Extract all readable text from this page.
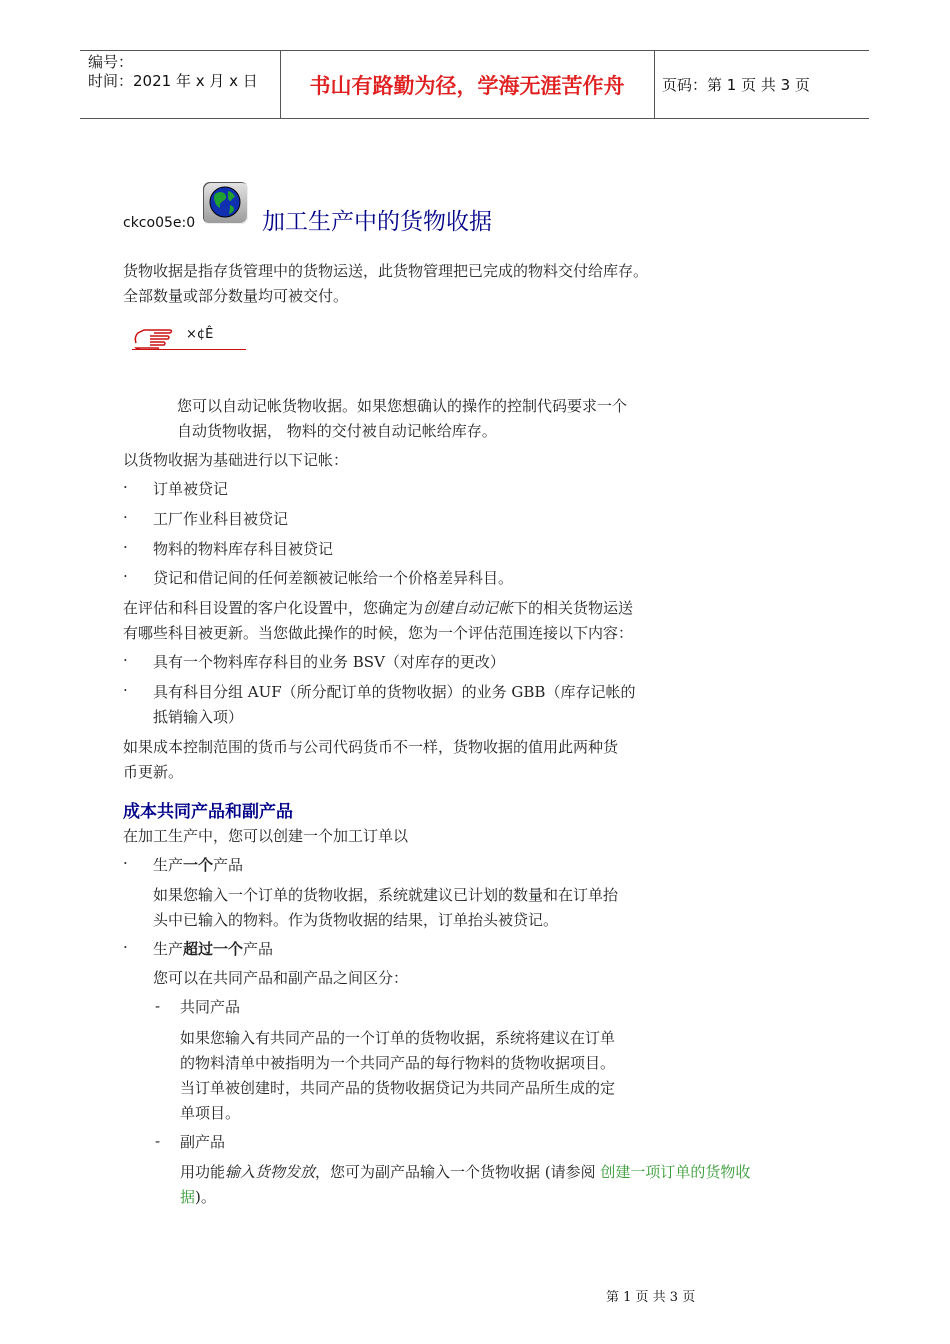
编号：
时间：2021 年 x 月 x 日	书山有路勤为径，学海无涯苦作舟	页码：第 1 页 共 3 页
ckco05e:0	加工生产中的货物收据

货物收据是指存货管理中的货物运送，此货物管理把已完成的物料交付给库存。

全部数量或部分数量均可被交付。

×¢Ê

您可以自动记帐货物收据。如果您想确认的操作的控制代码要求一个

自动货物收据， 物料的交付被自动记帐给库存。

以货物收据为基础进行以下记帐：

· 订单被贷记

· 工厂作业科目被贷记

· 物料的物料库存科目被贷记

· 贷记和借记间的任何差额被记帐给一个价格差异科目。

在评估和科目设置的客户化设置中，您确定为创建自动记帐下的相关货物运送

有哪些科目被更新。当您做此操作的时候，您为一个评估范围连接以下内容：

· 具有一个物料库存科目的业务 BSV（对库存的更改）

· 具有科目分组 AUF（所分配订单的货物收据）的业务 GBB（库存记帐的

抵销输入项）

如果成本控制范围的货币与公司代码货币不一样，货物收据的值用此两种货

币更新。

成本共同产品和副产品

在加工生产中，您可以创建一个加工订单以

· 生产一个产品

如果您输入一个订单的货物收据，系统就建议已计划的数量和在订单抬

头中已输入的物料。作为货物收据的结果，订单抬头被贷记。

· 生产超过一个产品

您可以在共同产品和副产品之间区分：

- 共同产品

如果您输入有共同产品的一个订单的货物收据，系统将建议在订单

的物料清单中被指明为一个共同产品的每行物料的货物收据项目。

当订单被创建时，共同产品的货物收据贷记为共同产品所生成的定

单项目。

- 副产品

用功能输入货物发放，您可为副产品输入一个货物收据 (请参阅 创建一项订单的货物收

据)。

第 1 页 共 3 页
